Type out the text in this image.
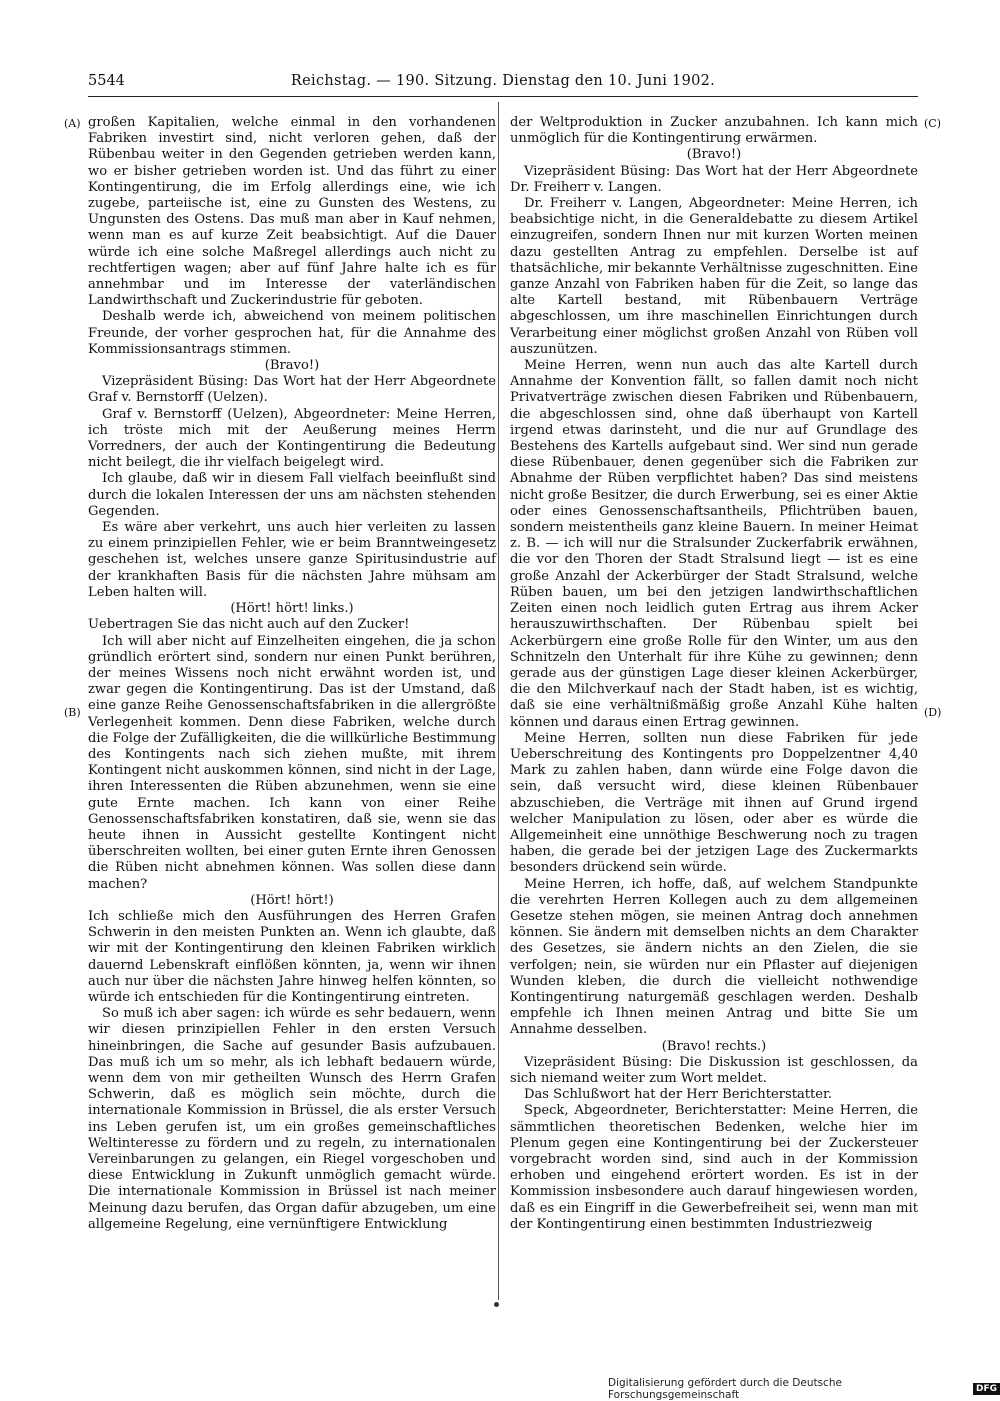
5544	Reichstag. — 190. Sitzung. Dienstag den 10. Juni 1902.
(A)
(B)
(C)
(D)

großen Kapitalien, welche einmal in den vorhandenen Fabriken investirt sind, nicht verloren gehen, daß der Rübenbau weiter in den Gegenden getrieben werden kann, wo er bisher getrieben worden ist. Und das führt zu einer Kontingentirung, die im Erfolg allerdings eine, wie ich zugebe, parteiische ist, eine zu Gunsten des Westens, zu Ungunsten des Ostens. Das muß man aber in Kauf nehmen, wenn man es auf kurze Zeit beabsichtigt. Auf die Dauer würde ich eine solche Maßregel allerdings auch nicht zu rechtfertigen wagen; aber auf fünf Jahre halte ich es für annehmbar und im Interesse der vaterländischen Landwirthschaft und Zuckerindustrie für geboten.

Deshalb werde ich, abweichend von meinem politischen Freunde, der vorher gesprochen hat, für die Annahme des Kommissionsantrags stimmen.

(Bravo!)

Vizepräsident Büsing: Das Wort hat der Herr Abgeordnete Graf v. Bernstorff (Uelzen).

Graf v. Bernstorff (Uelzen), Abgeordneter: Meine Herren, ich tröste mich mit der Aeußerung meines Herrn Vorredners, der auch der Kontingentirung die Bedeutung nicht beilegt, die ihr vielfach beigelegt wird.

Ich glaube, daß wir in diesem Fall vielfach beeinflußt sind durch die lokalen Interessen der uns am nächsten stehenden Gegenden.

Es wäre aber verkehrt, uns auch hier verleiten zu lassen zu einem prinzipiellen Fehler, wie er beim Branntweingesetz geschehen ist, welches unsere ganze Spiritusindustrie auf der krankhaften Basis für die nächsten Jahre mühsam am Leben halten will.

(Hört! hört! links.)

Uebertragen Sie das nicht auch auf den Zucker!

Ich will aber nicht auf Einzelheiten eingehen, die ja schon gründlich erörtert sind, sondern nur einen Punkt berühren, der meines Wissens noch nicht erwähnt worden ist, und zwar gegen die Kontingentirung. Das ist der Umstand, daß eine ganze Reihe Genossenschaftsfabriken in die allergrößte Verlegenheit kommen. Denn diese Fabriken, welche durch die Folge der Zufälligkeiten, die die willkürliche Bestimmung des Kontingents nach sich ziehen mußte, mit ihrem Kontingent nicht auskommen können, sind nicht in der Lage, ihren Interessenten die Rüben abzunehmen, wenn sie eine gute Ernte machen. Ich kann von einer Reihe Genossenschaftsfabriken konstatiren, daß sie, wenn sie das heute ihnen in Aussicht gestellte Kontingent nicht überschreiten wollten, bei einer guten Ernte ihren Genossen die Rüben nicht abnehmen können. Was sollen diese dann machen?

(Hört! hört!)

Ich schließe mich den Ausführungen des Herren Grafen Schwerin in den meisten Punkten an. Wenn ich glaubte, daß wir mit der Kontingentirung den kleinen Fabriken wirklich dauernd Lebenskraft einflößen könnten, ja, wenn wir ihnen auch nur über die nächsten Jahre hinweg helfen könnten, so würde ich entschieden für die Kontingentirung eintreten.

So muß ich aber sagen: ich würde es sehr bedauern, wenn wir diesen prinzipiellen Fehler in den ersten Versuch hineinbringen, die Sache auf gesunder Basis aufzubauen. Das muß ich um so mehr, als ich lebhaft bedauern würde, wenn dem von mir getheilten Wunsch des Herrn Grafen Schwerin, daß es möglich sein möchte, durch die internationale Kommission in Brüssel, die als erster Versuch ins Leben gerufen ist, um ein großes gemeinschaftliches Weltinteresse zu fördern und zu regeln, zu internationalen Vereinbarungen zu gelangen, ein Riegel vorgeschoben und diese Entwicklung in Zukunft unmöglich gemacht würde. Die internationale Kommission in Brüssel ist nach meiner Meinung dazu berufen, das Organ dafür abzugeben, um eine allgemeine Regelung, eine vernünftigere Entwicklung

der Weltproduktion in Zucker anzubahnen. Ich kann mich unmöglich für die Kontingentirung erwärmen.

(Bravo!)

Vizepräsident Büsing: Das Wort hat der Herr Abgeordnete Dr. Freiherr v. Langen.

Dr. Freiherr v. Langen, Abgeordneter: Meine Herren, ich beabsichtige nicht, in die Generaldebatte zu diesem Artikel einzugreifen, sondern Ihnen nur mit kurzen Worten meinen dazu gestellten Antrag zu empfehlen. Derselbe ist auf thatsächliche, mir bekannte Verhältnisse zugeschnitten. Eine ganze Anzahl von Fabriken haben für die Zeit, so lange das alte Kartell bestand, mit Rübenbauern Verträge abgeschlossen, um ihre maschinellen Einrichtungen durch Verarbeitung einer möglichst großen Anzahl von Rüben voll auszunützen.

Meine Herren, wenn nun auch das alte Kartell durch Annahme der Konvention fällt, so fallen damit noch nicht Privatverträge zwischen diesen Fabriken und Rübenbauern, die abgeschlossen sind, ohne daß überhaupt von Kartell irgend etwas darinsteht, und die nur auf Grundlage des Bestehens des Kartells aufgebaut sind. Wer sind nun gerade diese Rübenbauer, denen gegenüber sich die Fabriken zur Abnahme der Rüben verpflichtet haben? Das sind meistens nicht große Besitzer, die durch Erwerbung, sei es einer Aktie oder eines Genossenschaftsantheils, Pflichtrüben bauen, sondern meistentheils ganz kleine Bauern. In meiner Heimat z. B. — ich will nur die Stralsunder Zuckerfabrik erwähnen, die vor den Thoren der Stadt Stralsund liegt — ist es eine große Anzahl der Ackerbürger der Stadt Stralsund, welche Rüben bauen, um bei den jetzigen landwirthschaftlichen Zeiten einen noch leidlich guten Ertrag aus ihrem Acker herauszuwirthschaften. Der Rübenbau spielt bei Ackerbürgern eine große Rolle für den Winter, um aus den Schnitzeln den Unterhalt für ihre Kühe zu gewinnen; denn gerade aus der günstigen Lage dieser kleinen Ackerbürger, die den Milchverkauf nach der Stadt haben, ist es wichtig, daß sie eine verhältnißmäßig große Anzahl Kühe halten können und daraus einen Ertrag gewinnen.

Meine Herren, sollten nun diese Fabriken für jede Ueberschreitung des Kontingents pro Doppelzentner 4,40 Mark zu zahlen haben, dann würde eine Folge davon die sein, daß versucht wird, diese kleinen Rübenbauer abzuschieben, die Verträge mit ihnen auf Grund irgend welcher Manipulation zu lösen, oder aber es würde die Allgemeinheit eine unnöthige Beschwerung noch zu tragen haben, die gerade bei der jetzigen Lage des Zuckermarkts besonders drückend sein würde.

Meine Herren, ich hoffe, daß, auf welchem Standpunkte die verehrten Herren Kollegen auch zu dem allgemeinen Gesetze stehen mögen, sie meinen Antrag doch annehmen können. Sie ändern mit demselben nichts an dem Charakter des Gesetzes, sie ändern nichts an den Zielen, die sie verfolgen; nein, sie würden nur ein Pflaster auf diejenigen Wunden kleben, die durch die vielleicht nothwendige Kontingentirung naturgemäß geschlagen werden. Deshalb empfehle ich Ihnen meinen Antrag und bitte Sie um Annahme desselben.

(Bravo! rechts.)

Vizepräsident Büsing: Die Diskussion ist geschlossen, da sich niemand weiter zum Wort meldet.

Das Schlußwort hat der Herr Berichterstatter.

Speck, Abgeordneter, Berichterstatter: Meine Herren, die sämmtlichen theoretischen Bedenken, welche hier im Plenum gegen eine Kontingentirung bei der Zuckersteuer vorgebracht worden sind, sind auch in der Kommission erhoben und eingehend erörtert worden. Es ist in der Kommission insbesondere auch darauf hingewiesen worden, daß es ein Eingriff in die Gewerbefreiheit sei, wenn man mit der Kontingentirung einen bestimmten Industriezweig

Digitalisierung gefördert durch die Deutsche Forschungsgemeinschaft	DFG
